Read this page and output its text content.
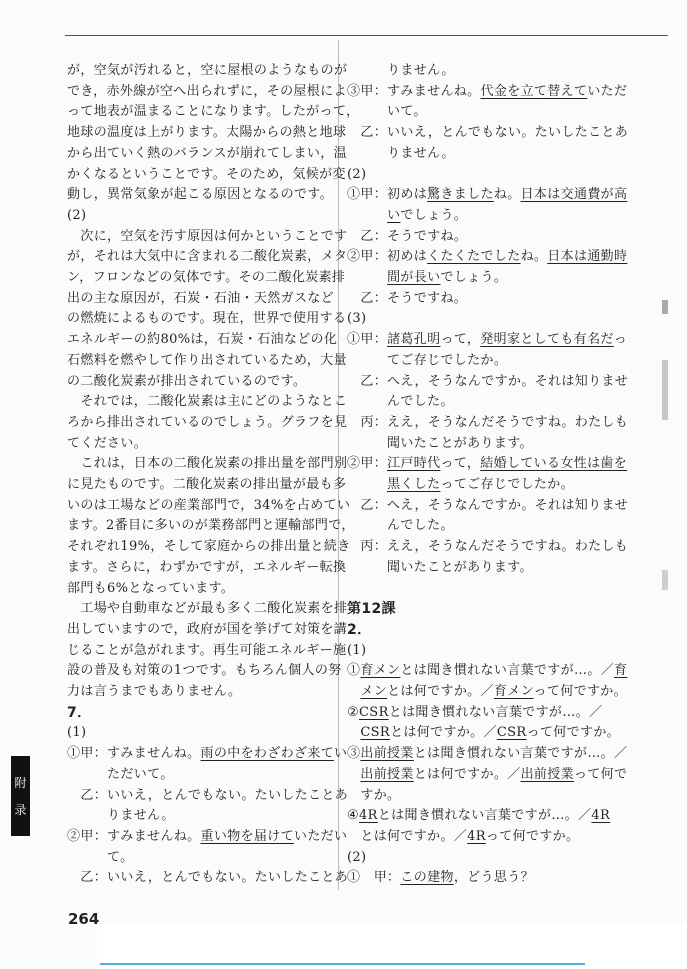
が，空気が汚れると，空に屋根のようなものが
でき，赤外線が空へ出られずに，その屋根によ
って地表が温まることになります。したがって，
地球の温度は上がります。太陽からの熱と地球
から出ていく熱のバランスが崩れてしまい，温
かくなるということです。そのため，気候が変
動し，異常気象が起こる原因となるのです。
(2)
　次に，空気を汚す原因は何かということです
が，それは大気中に含まれる二酸化炭素，メタ
ン，フロンなどの気体です。その二酸化炭素排
出の主な原因が，石炭・石油・天然ガスなど
の燃焼によるものです。現在，世界で使用する
エネルギーの約80%は，石炭・石油などの化
石燃料を燃やして作り出されているため，大量
の二酸化炭素が排出されているのです。
　それでは，二酸化炭素は主にどのようなとこ
ろから排出されているのでしょう。グラフを見
てください。
　これは，日本の二酸化炭素の排出量を部門別
に見たものです。二酸化炭素の排出量が最も多
いのは工場などの産業部門で，34%を占めてい
ます。2番目に多いのが業務部門と運輸部門で，
それぞれ19%，そして家庭からの排出量と続き
ます。さらに，わずかですが，エネルギー転換
部門も6%となっています。
　工場や自動車などが最も多く二酸化炭素を排
出していますので，政府が国を挙げて対策を講
じることが急がれます。再生可能エネルギー施
設の普及も対策の1つです。もちろん個人の努
力は言うまでもありません。
7．
(1)
①甲：すみませんね。雨の中をわざわざ来てい
　　　ただいて。
　乙：いいえ，とんでもない。たいしたことあ
　　　りません。
②甲：すみませんね。重い物を届けていただい
　　　て。
　乙：いいえ，とんでもない。たいしたことあ
　　　りません。
③甲：すみませんね。代金を立て替えていただ
　　　いて。
　乙：いいえ，とんでもない。たいしたことあ
　　　りません。
(2)
①甲：初めは驚きましたね。日本は交通費が高
　　　いでしょう。
　乙：そうですね。
②甲：初めはくたくたでしたね。日本は通勤時
　　　間が長いでしょう。
　乙：そうですね。
(3)
①甲：諸葛孔明って，発明家としても有名だっ
　　　てご存じでしたか。
　乙：へえ，そうなんですか。それは知りませ
　　　んでした。
　丙：ええ，そうなんだそうですね。わたしも
　　　聞いたことがあります。
②甲：江戸時代って，結婚している女性は歯を
　　　黒くしたってご存じでしたか。
　乙：へえ，そうなんですか。それは知りませ
　　　んでした。
　丙：ええ，そうなんだそうですね。わたしも
　　　聞いたことがあります。
第12課
2．
(1)
①育メンとは聞き慣れない言葉ですが…。／育
　メンとは何ですか。／育メンって何ですか。
②CSRとは聞き慣れない言葉ですが…。／
　CSRとは何ですか。／CSRって何ですか。
③出前授業とは聞き慣れない言葉ですが…。／
　出前授業とは何ですか。／出前授業って何で
　すか。
④4Rとは聞き慣れない言葉ですが…。／4R
　とは何ですか。／4Rって何ですか。
(2)
①　甲：この建物，どう思う？
附
录
264
